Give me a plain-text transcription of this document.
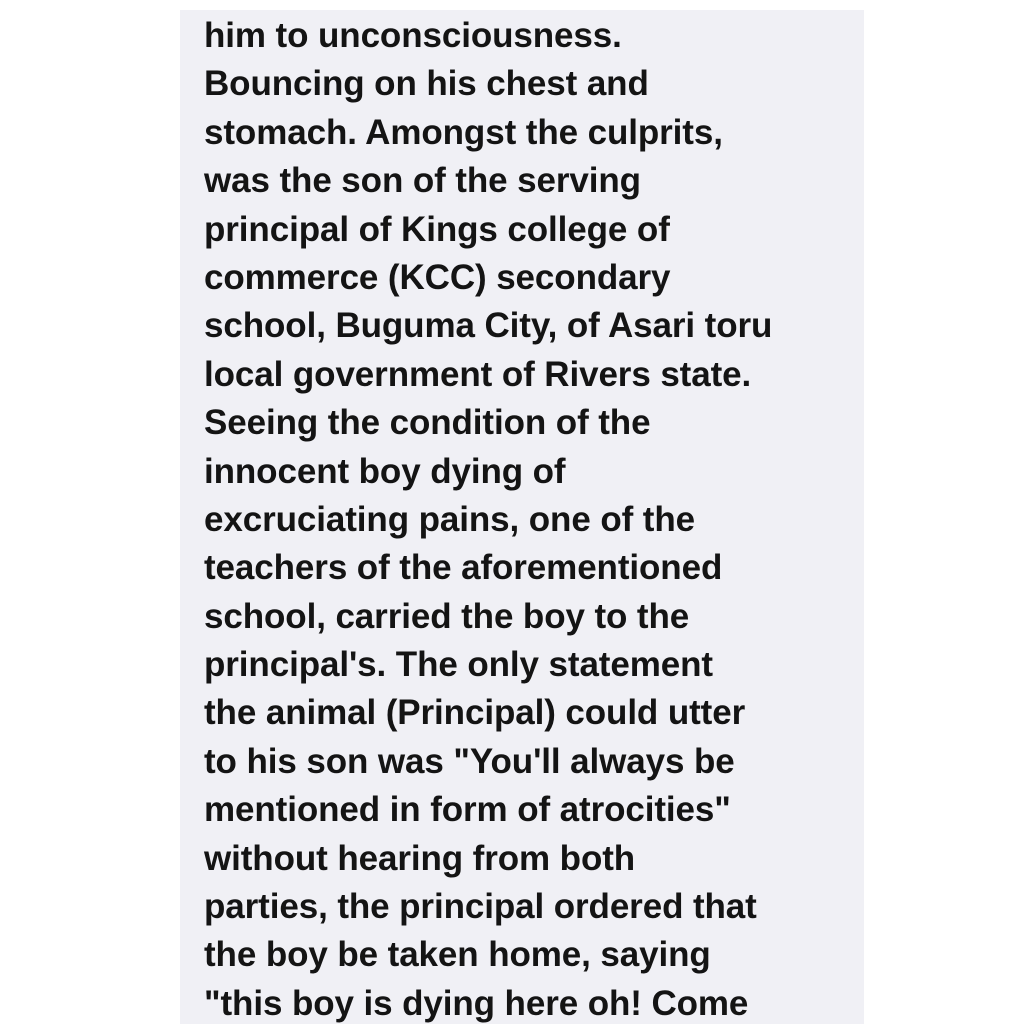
him to unconsciousness.
Bouncing on his chest and
stomach. Amongst the culprits,
was the son of the serving
principal of Kings college of
commerce (KCC) secondary
school, Buguma City, of Asari toru
local government of Rivers state.
Seeing the condition of the
innocent boy dying of
excruciating pains, one of the
teachers of the aforementioned
school, carried the boy to the
principal's. The only statement
the animal (Principal) could utter
to his son was "You'll always be
mentioned in form of atrocities"
without hearing from both
parties, the principal ordered that
the boy be taken home, saying
"this boy is dying here oh! Come
